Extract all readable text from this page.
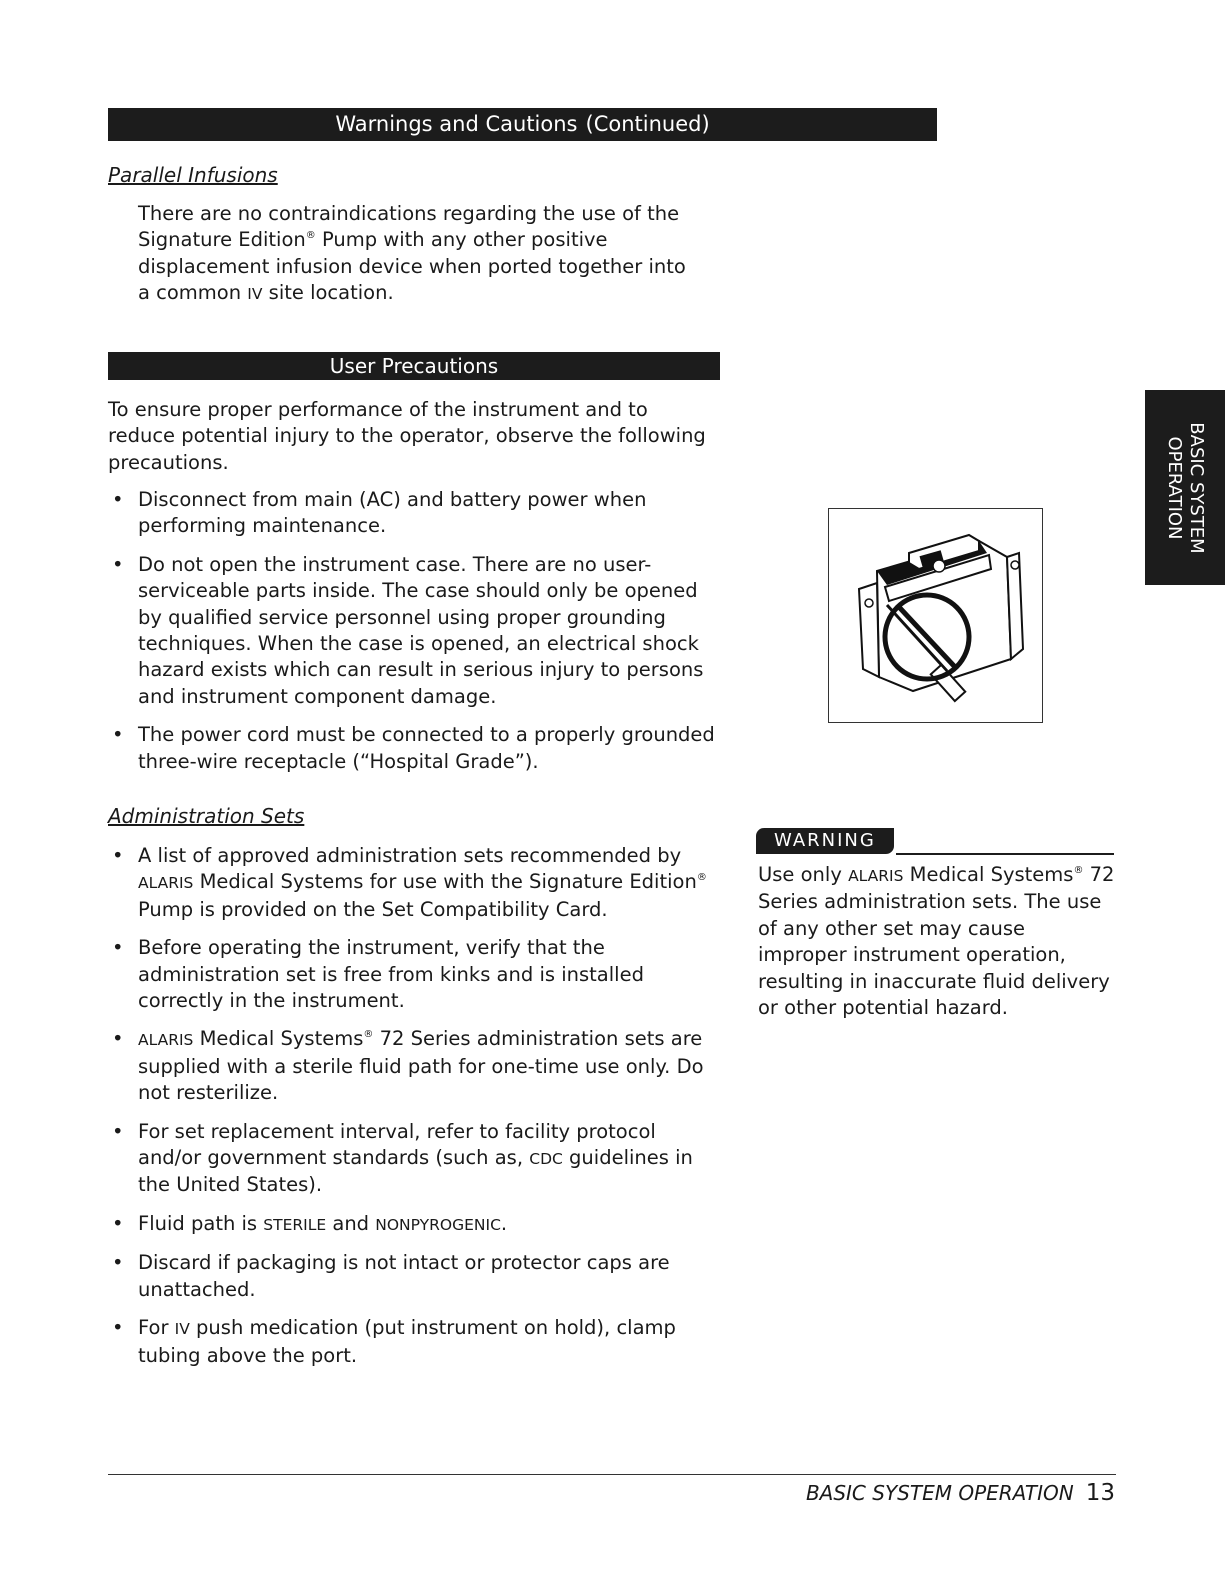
Warnings and Cautions (Continued)
Parallel Infusions

There are no contraindications regarding the use of the Signature Edition® Pump with any other positive displacement infusion device when ported together into a common IV site location.

User Precautions

To ensure proper performance of the instrument and to reduce potential injury to the operator, observe the following precautions.

• Disconnect from main (AC) and battery power when performing maintenance.
• Do not open the instrument case. There are no user-serviceable parts inside. The case should only be opened by qualified service personnel using proper grounding techniques. When the case is opened, an electrical shock hazard exists which can result in serious injury to persons and instrument component damage.
• The power cord must be connected to a properly grounded three-wire receptacle (“Hospital Grade”).
Administration Sets
• A list of approved administration sets recommended by ALARIS Medical Systems for use with the Signature Edition® Pump is provided on the Set Compatibility Card.
• Before operating the instrument, verify that the administration set is free from kinks and is installed correctly in the instrument.
• ALARIS Medical Systems® 72 Series administration sets are supplied with a sterile fluid path for one-time use only. Do not resterilize.
• For set replacement interval, refer to facility protocol and/or government standards (such as, CDC guidelines in the United States).
• Fluid path is STERILE and NONPYROGENIC.
• Discard if packaging is not intact or protector caps are unattached.
• For IV push medication (put instrument on hold), clamp tubing above the port.
BASIC SYSTEM
OPERATION
WARNING

Use only ALARIS Medical Systems® 72 Series administration sets. The use of any other set may cause improper instrument operation, resulting in inaccurate fluid delivery or other potential hazard.

BASIC SYSTEM OPERATION 13
